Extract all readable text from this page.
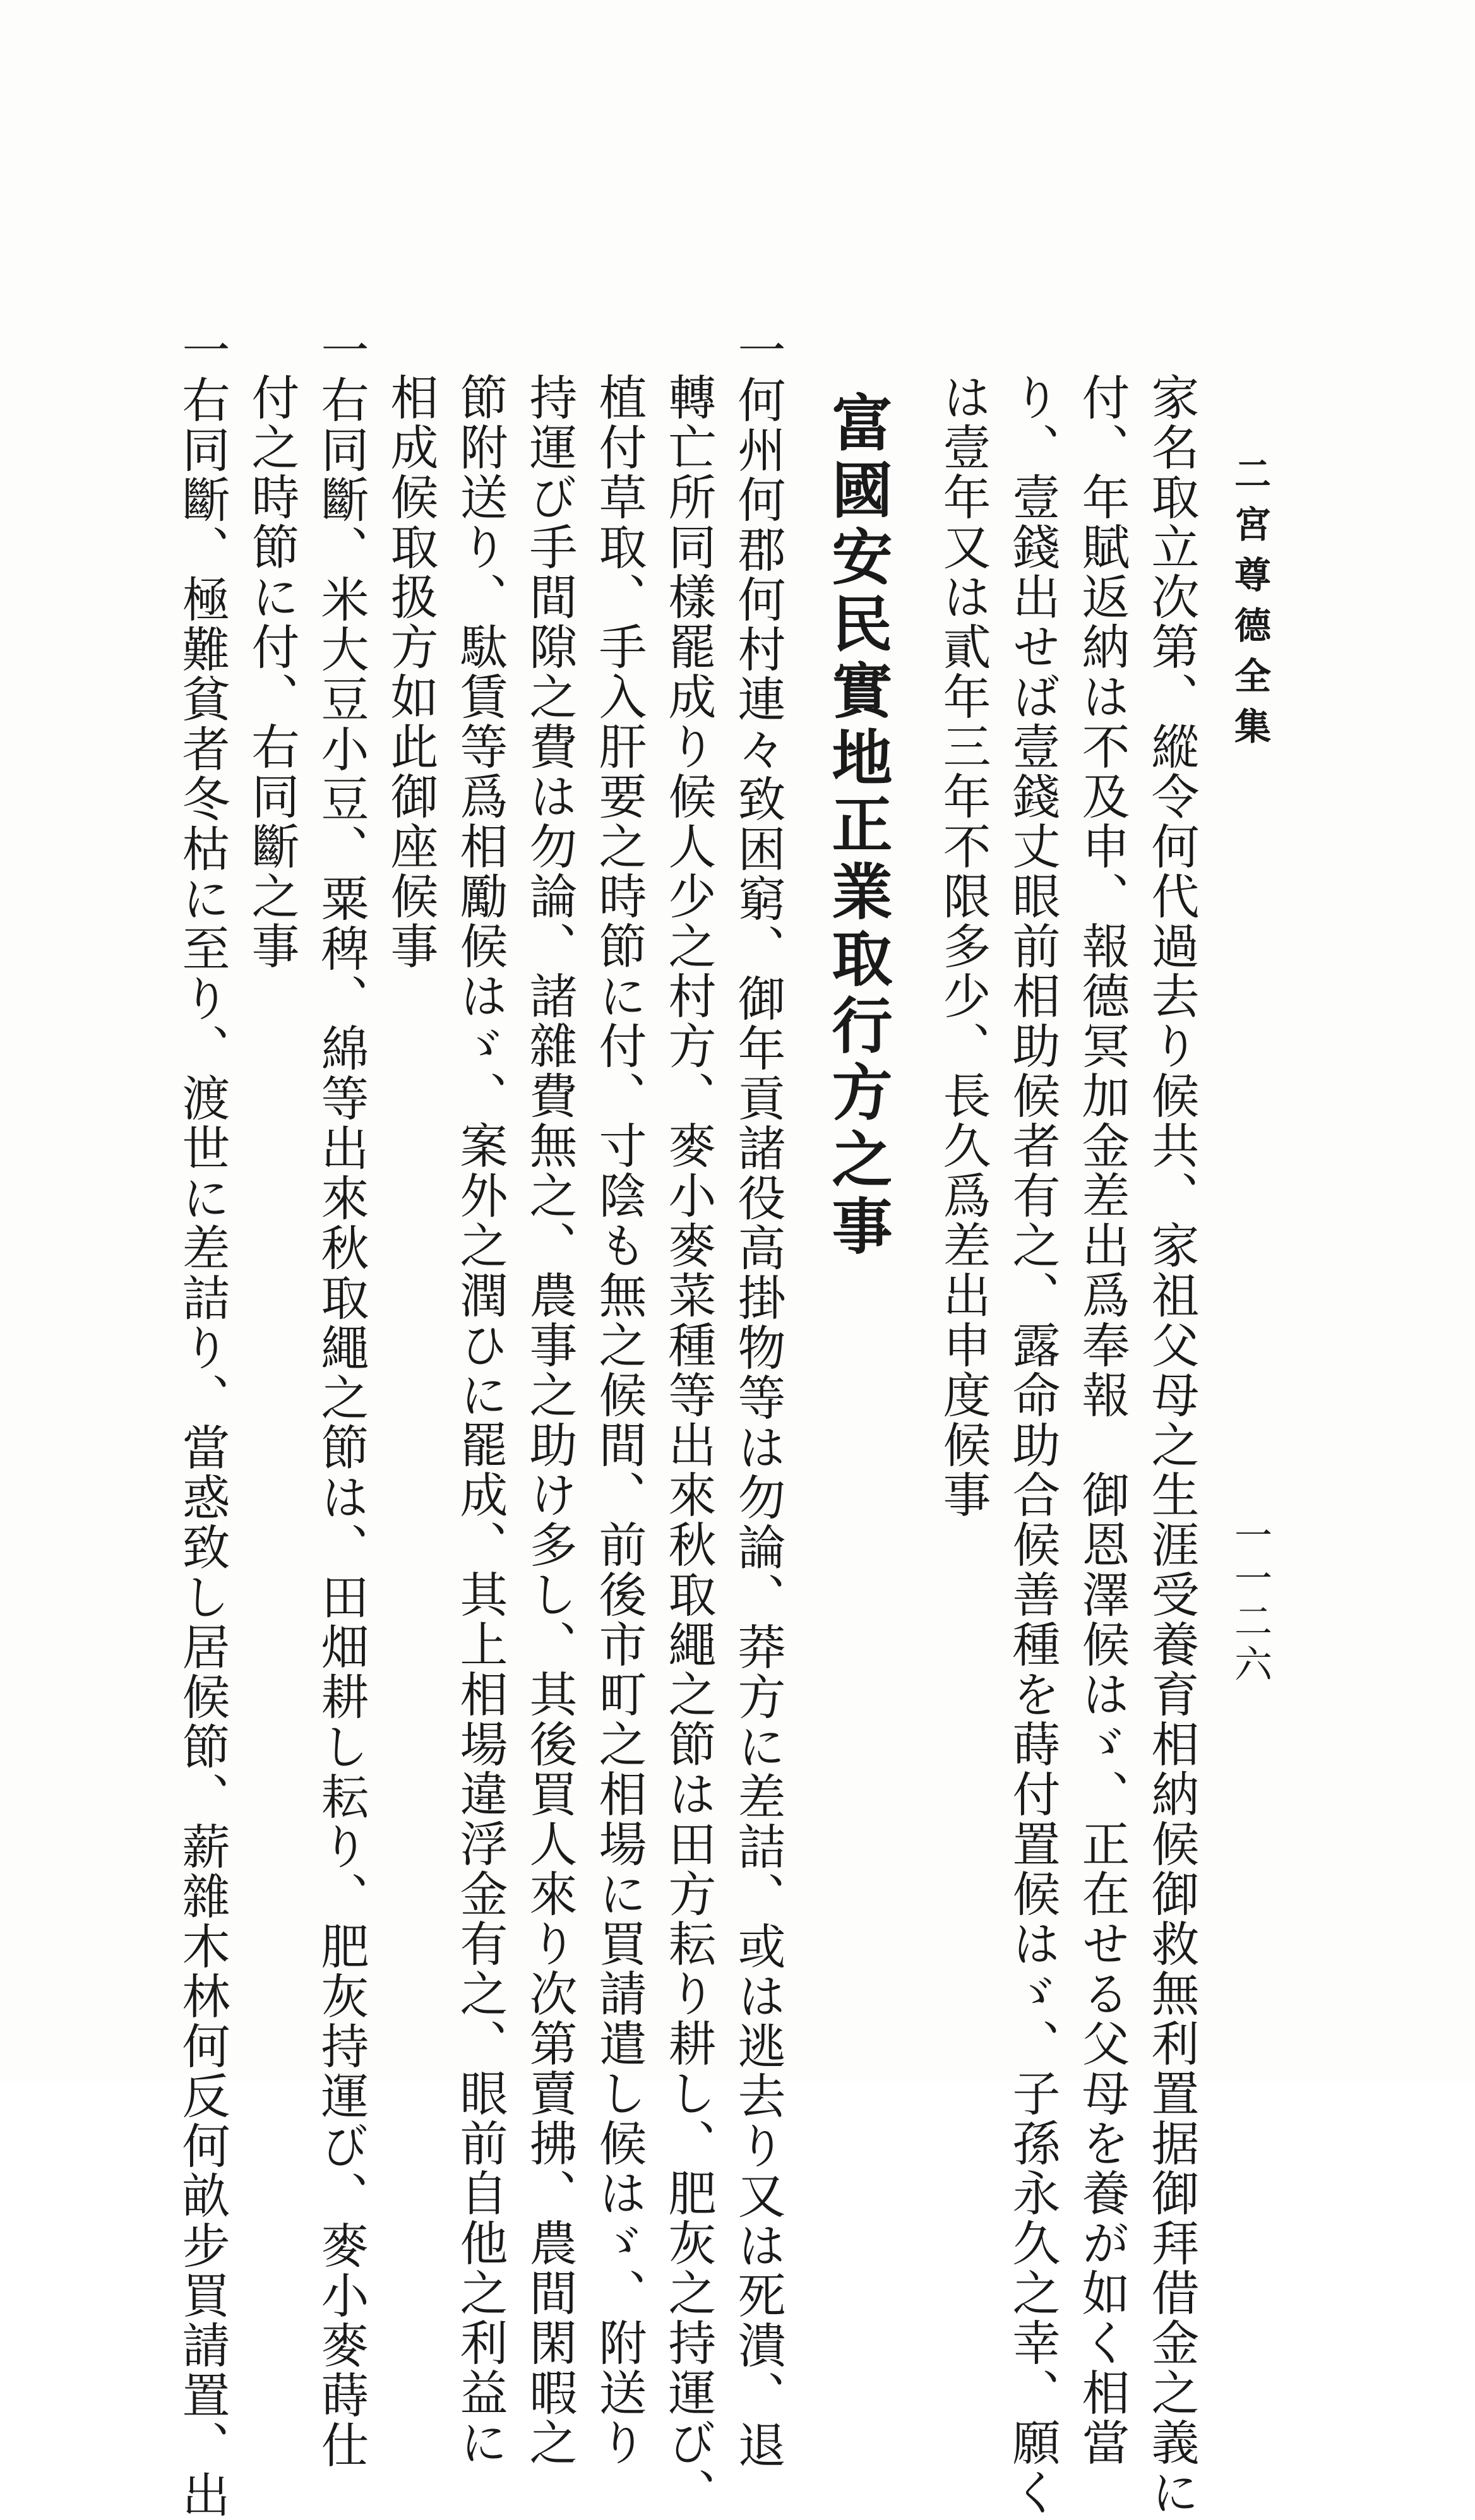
二宮尊德全集
一一二六
家名取立次第、縱令何代過去り候共、家祖父母之生涯受養育相納候御救無利置据御拜借金之義に
付、年賦返納は不及申、報德冥加金差出爲奉報　御恩澤候はゞ、正在せる父母を養が如く相當
り、壹錢出せば壹錢丈眼前相助候者有之、露命助合候善種を蒔付置候はゞ、子孫永久之幸、願く
は壹年又は貳年三年不限多少、長久爲差出申度候事
富國安民實地正業取行方之事
一何州何郡何村連々致困窮、御年貢諸役高掛物等は勿論、莽方に差詰、或は逃去り又は死潰、退
轉亡所同樣罷成り候人少之村方、麥小麥菜種等出來秋取繩之節は田方耘り耕し、肥灰之持運び、
植付草取、手入肝要之時節に付、寸陰も無之候間、前後市町之相場に買請遣し候はゞ、附送り
持運び手間隙之費は勿論、諸雜費無之、農事之助け多し、其後買人來り次第賣拂、農間閑暇之
節附送り、駄賃等爲相勵候はゞ、案外之潤ひに罷成、其上相場違浮金有之、眼前自他之利益に
相成候取扱方如此御座候事
一右同斷、米大豆小豆、粟稗、綿等出來秋取繩之節は、田畑耕し耘り、肥灰持運び、麥小麥蒔仕
付之時節に付、右同斷之事
一右同斷、極難貧者冬枯に至り、渡世に差詰り、當惑致し居候節、薪雜木林何反何畝步買請置、出
